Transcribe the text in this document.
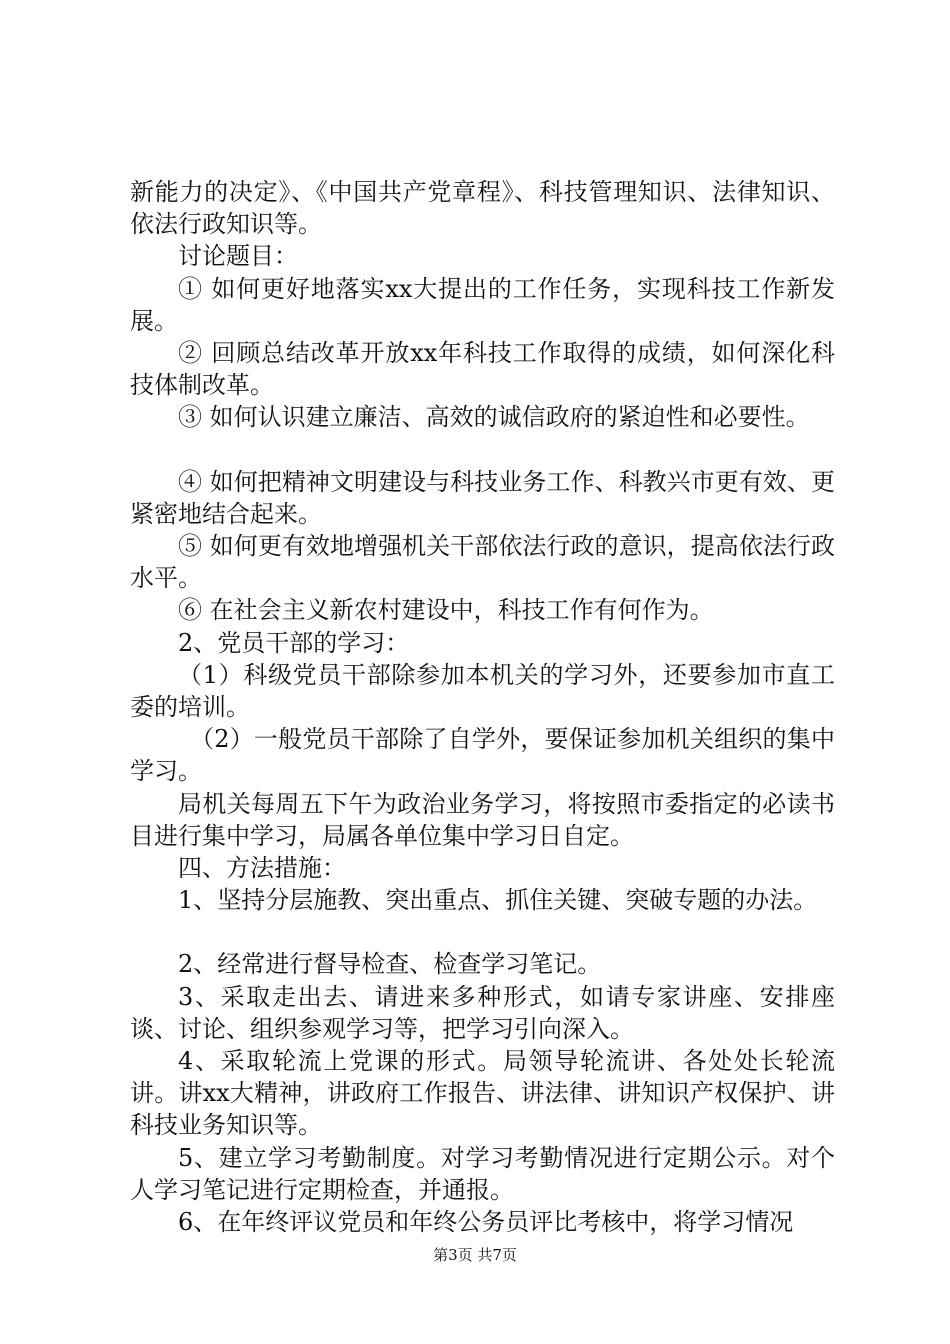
新能力的决定》、《中国共产党章程》、科技管理知识、法律知识、依法行政知识等。

讨论题目：

① 如何更好地落实xx大提出的工作任务，实现科技工作新发展。

② 回顾总结改革开放xx年科技工作取得的成绩，如何深化科技体制改革。

③ 如何认识建立廉洁、高效的诚信政府的紧迫性和必要性。

④ 如何把精神文明建设与科技业务工作、科教兴市更有效、更紧密地结合起来。

⑤ 如何更有效地增强机关干部依法行政的意识，提高依法行政水平。

⑥ 在社会主义新农村建设中，科技工作有何作为。

2、党员干部的学习：

（1）科级党员干部除参加本机关的学习外，还要参加市直工委的培训。

（2）一般党员干部除了自学外，要保证参加机关组织的集中学习。

局机关每周五下午为政治业务学习，将按照市委指定的必读书目进行集中学习，局属各单位集中学习日自定。

四、方法措施：

1、坚持分层施教、突出重点、抓住关键、突破专题的办法。

2、经常进行督导检查、检查学习笔记。

3、采取走出去、请进来多种形式，如请专家讲座、安排座谈、讨论、组织参观学习等，把学习引向深入。

4、采取轮流上党课的形式。局领导轮流讲、各处处长轮流讲。讲xx大精神，讲政府工作报告、讲法律、讲知识产权保护、讲科技业务知识等。

5、建立学习考勤制度。对学习考勤情况进行定期公示。对个人学习笔记进行定期检查，并通报。

6、在年终评议党员和年终公务员评比考核中，将学习情况

第3页 共7页
